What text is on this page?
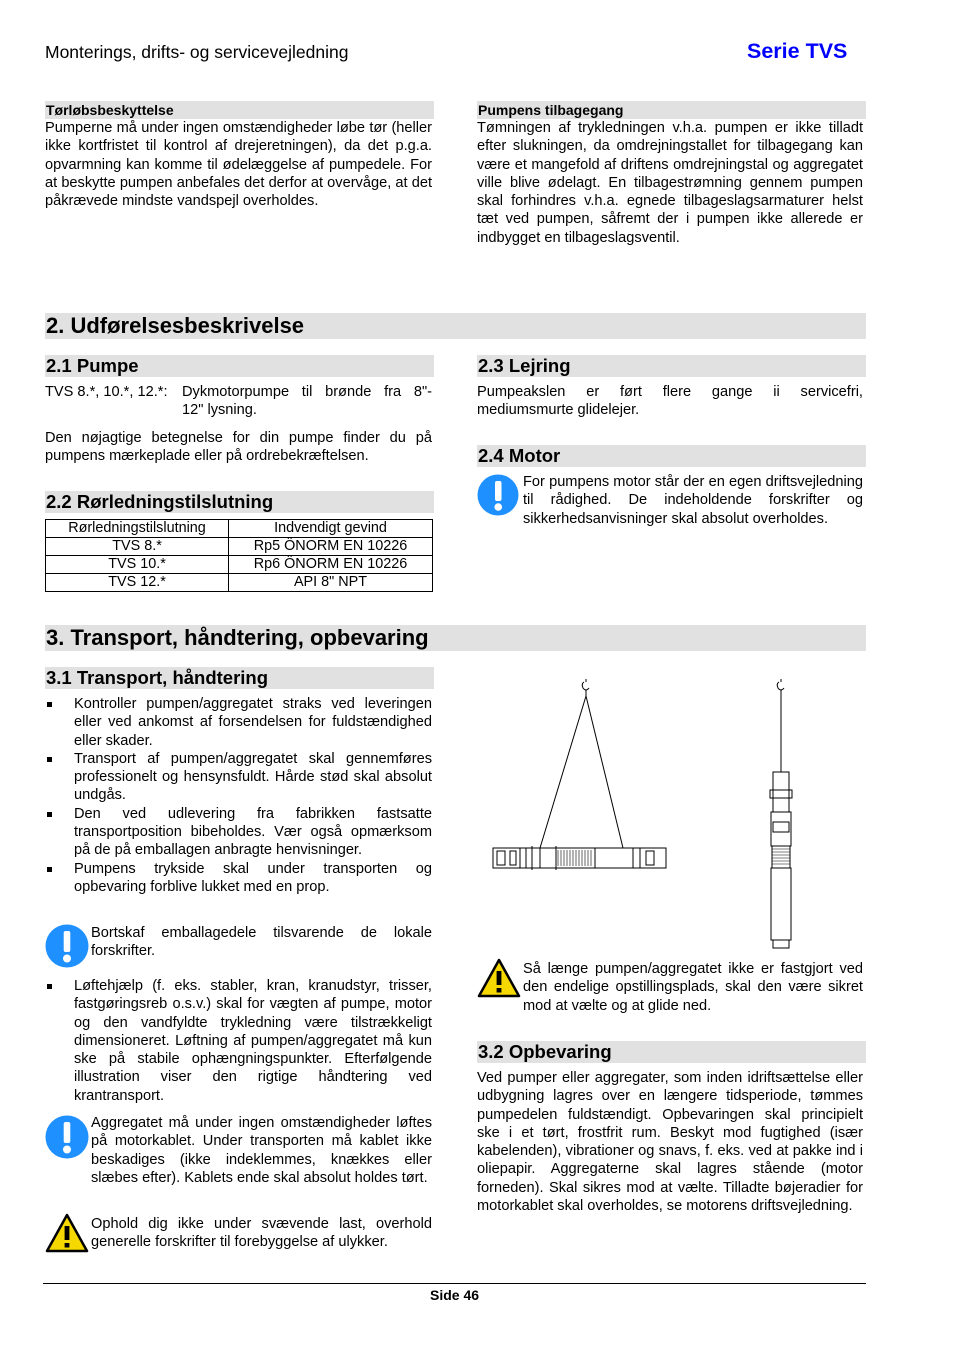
Monterings, drifts- og servicevejledning	Serie TVS
Tørløbsbeskyttelse
Pumperne må under ingen omstændigheder løbe tør (heller ikke kortfristet til kontrol af drejeretningen), da det p.g.a. opvarmning kan komme til ødelæggelse af pumpedele. For at beskytte pumpen anbefales det derfor at overvåge, at det påkrævede mindste vandspejl overholdes.
Pumpens tilbagegang
Tømningen af trykledningen v.h.a. pumpen er ikke tilladt efter slukningen, da omdrejningstallet for tilbagegang kan være et mangefold af driftens omdrejningstal og aggregatet ville blive ødelagt. En tilbagestrømning gennem pumpen skal forhindres v.h.a. egnede tilbageslagsarmaturer helst tæt ved pumpen, såfremt der i pumpen ikke allerede er indbygget en tilbageslagsventil.
2. Udførelsesbeskrivelse
2.1 Pumpe
TVS 8.*, 10.*, 12.*: Dykmotorpumpe til brønde fra 8"-
12" lysning.
Den nøjagtige betegnelse for din pumpe finder du på pumpens mærkeplade eller på ordrebekræftelsen.
2.2 Rørledningstilslutning
Rørledningstilslutning	Indvendigt gevind
TVS 8.*	Rp5 ÖNORM EN 10226
TVS 10.*	Rp6 ÖNORM EN 10226
TVS 12.*	API 8" NPT
2.3 Lejring
Pumpeakslen er ført flere gange ii servicefri, mediumsmurte glidelejer.
2.4 Motor
For pumpens motor står der en egen driftsvejledning til rådighed. De indeholdende forskrifter og sikkerhedsanvisninger skal absolut overholdes.
3. Transport, håndtering, opbevaring
3.1 Transport, håndtering
Kontroller pumpen/aggregatet straks ved leveringen eller ved ankomst af forsendelsen for fuldstændighed eller skader.
Transport af pumpen/aggregatet skal gennemføres professionelt og hensynsfuldt. Hårde stød skal absolut undgås.
Den ved udlevering fra fabrikken fastsatte transportposition bibeholdes. Vær også opmærksom på de på emballagen anbragte henvisninger.
Pumpens trykside skal under transporten og opbevaring forblive lukket med en prop.
Bortskaf emballagedele tilsvarende de lokale forskrifter.
Løftehjælp (f. eks. stabler, kran, kranudstyr, trisser, fastgøringsreb o.s.v.) skal for vægten af pumpe, motor og den vandfyldte trykledning være tilstrækkeligt dimensioneret. Løftning af pumpen/aggregatet må kun ske på stabile ophængningspunkter. Efterfølgende illustration viser den rigtige håndtering ved krantransport.
Aggregatet må under ingen omstændigheder løftes på motorkablet. Under transporten må kablet ikke beskadiges (ikke indeklemmes, knækkes eller slæbes efter). Kablets ende skal absolut holdes tørt.
Ophold dig ikke under svævende last, overhold generelle forskrifter til forebyggelse af ulykker.
Så længe pumpen/aggregatet ikke er fastgjort ved den endelige opstillingsplads, skal den være sikret mod at vælte og at glide ned.
3.2 Opbevaring
Ved pumper eller aggregater, som inden idriftsættelse eller udbygning lagres over en længere tidsperiode, tømmes pumpedelen fuldstændigt. Opbevaringen skal principielt ske i et tørt, frostfrit rum. Beskyt mod fugtighed (især kabelenden), vibrationer og snavs, f. eks. ved at pakke ind i oliepapir. Aggregaterne skal lagres stående (motor forneden). Skal sikres mod at vælte. Tilladte bøjeradier for motorkablet skal overholdes, se motorens driftsvejledning.
Side 46
